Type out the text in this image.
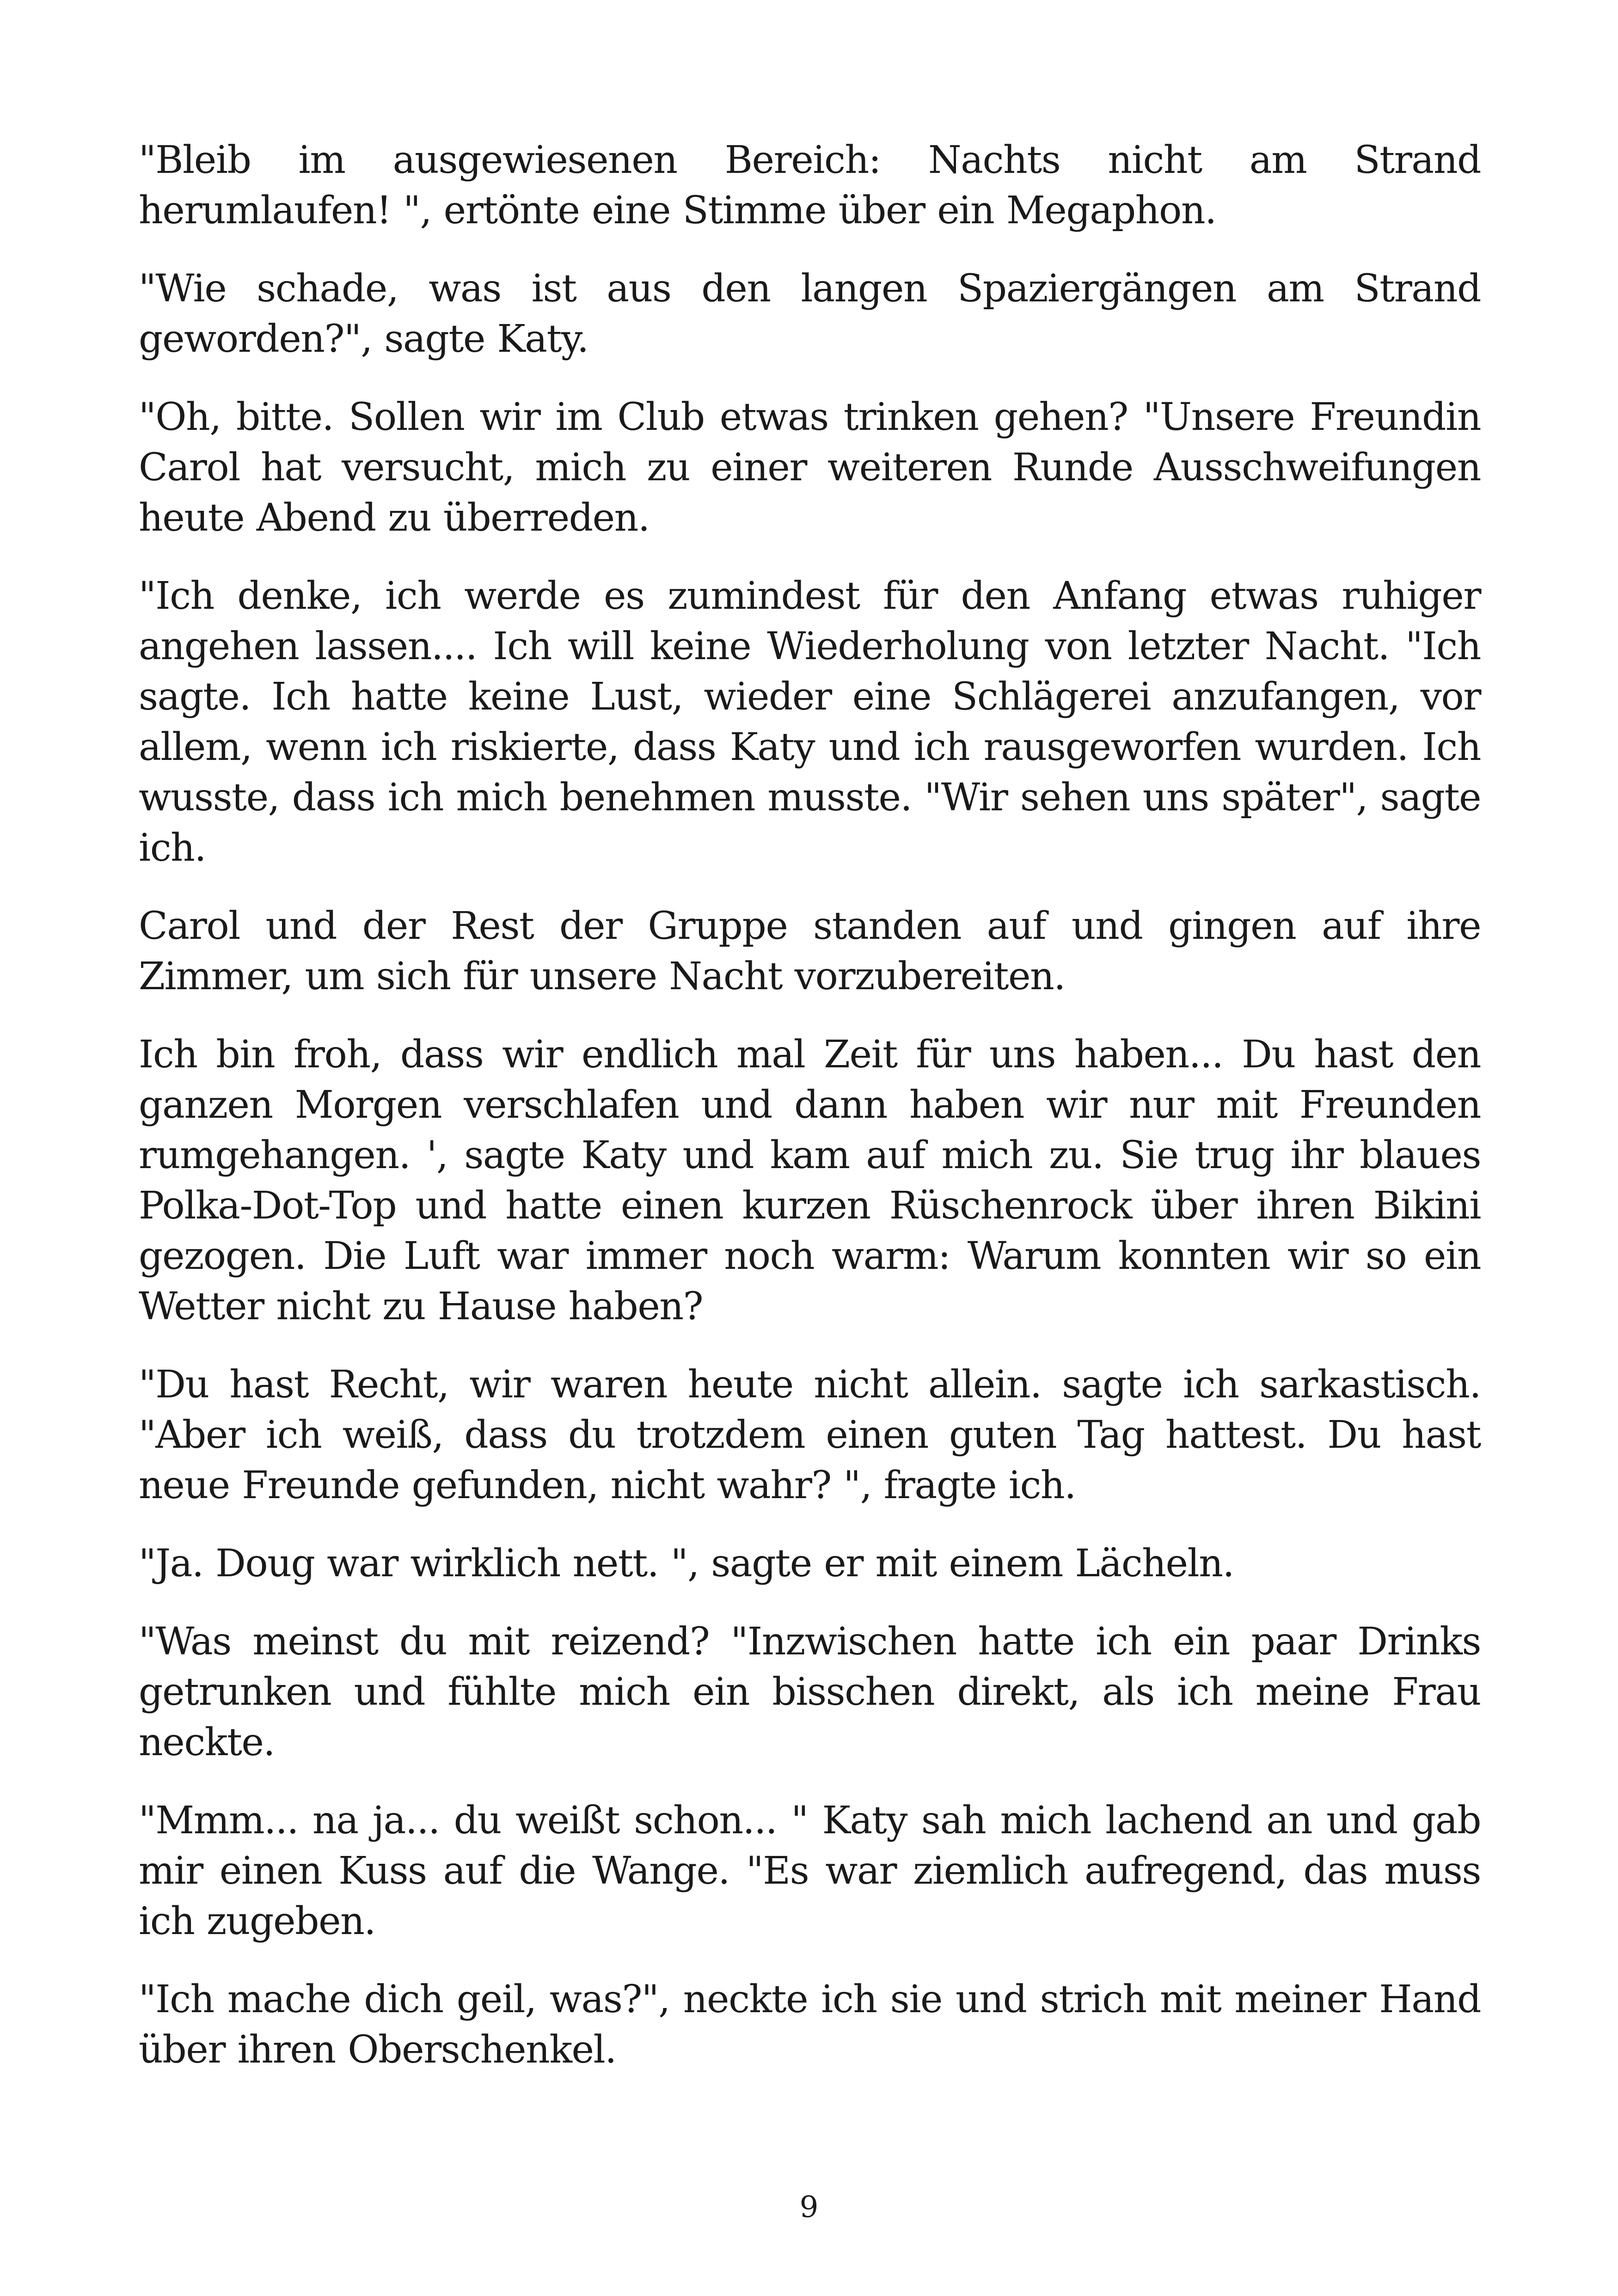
"Bleib im ausgewiesenen Bereich: Nachts nicht am Strand herumlaufen! ", ertönte eine Stimme über ein Megaphon.

"Wie schade, was ist aus den langen Spaziergängen am Strand geworden?", sagte Katy.

"Oh, bitte. Sollen wir im Club etwas trinken gehen? "Unsere Freundin Carol hat versucht, mich zu einer weiteren Runde Ausschweifungen heute Abend zu überreden.

"Ich denke, ich werde es zumindest für den Anfang etwas ruhiger angehen lassen.... Ich will keine Wiederholung von letzter Nacht. "Ich sagte. Ich hatte keine Lust, wieder eine Schlägerei anzufangen, vor allem, wenn ich riskierte, dass Katy und ich rausgeworfen wurden. Ich wusste, dass ich mich benehmen musste. "Wir sehen uns später", sagte ich.

Carol und der Rest der Gruppe standen auf und gingen auf ihre Zimmer, um sich für unsere Nacht vorzubereiten.

Ich bin froh, dass wir endlich mal Zeit für uns haben... Du hast den ganzen Morgen verschlafen und dann haben wir nur mit Freunden rumgehangen. ', sagte Katy und kam auf mich zu. Sie trug ihr blaues Polka-Dot-Top und hatte einen kurzen Rüschenrock über ihren Bikini gezogen. Die Luft war immer noch warm: Warum konnten wir so ein Wetter nicht zu Hause haben?

"Du hast Recht, wir waren heute nicht allein. sagte ich sarkastisch. "Aber ich weiß, dass du trotzdem einen guten Tag hattest. Du hast neue Freunde gefunden, nicht wahr? ", fragte ich.

"Ja. Doug war wirklich nett. ", sagte er mit einem Lächeln.

"Was meinst du mit reizend? "Inzwischen hatte ich ein paar Drinks getrunken und fühlte mich ein bisschen direkt, als ich meine Frau neckte.

"Mmm... na ja... du weißt schon... " Katy sah mich lachend an und gab mir einen Kuss auf die Wange. "Es war ziemlich aufregend, das muss ich zugeben.

"Ich mache dich geil, was?", neckte ich sie und strich mit meiner Hand über ihren Oberschenkel.

9
